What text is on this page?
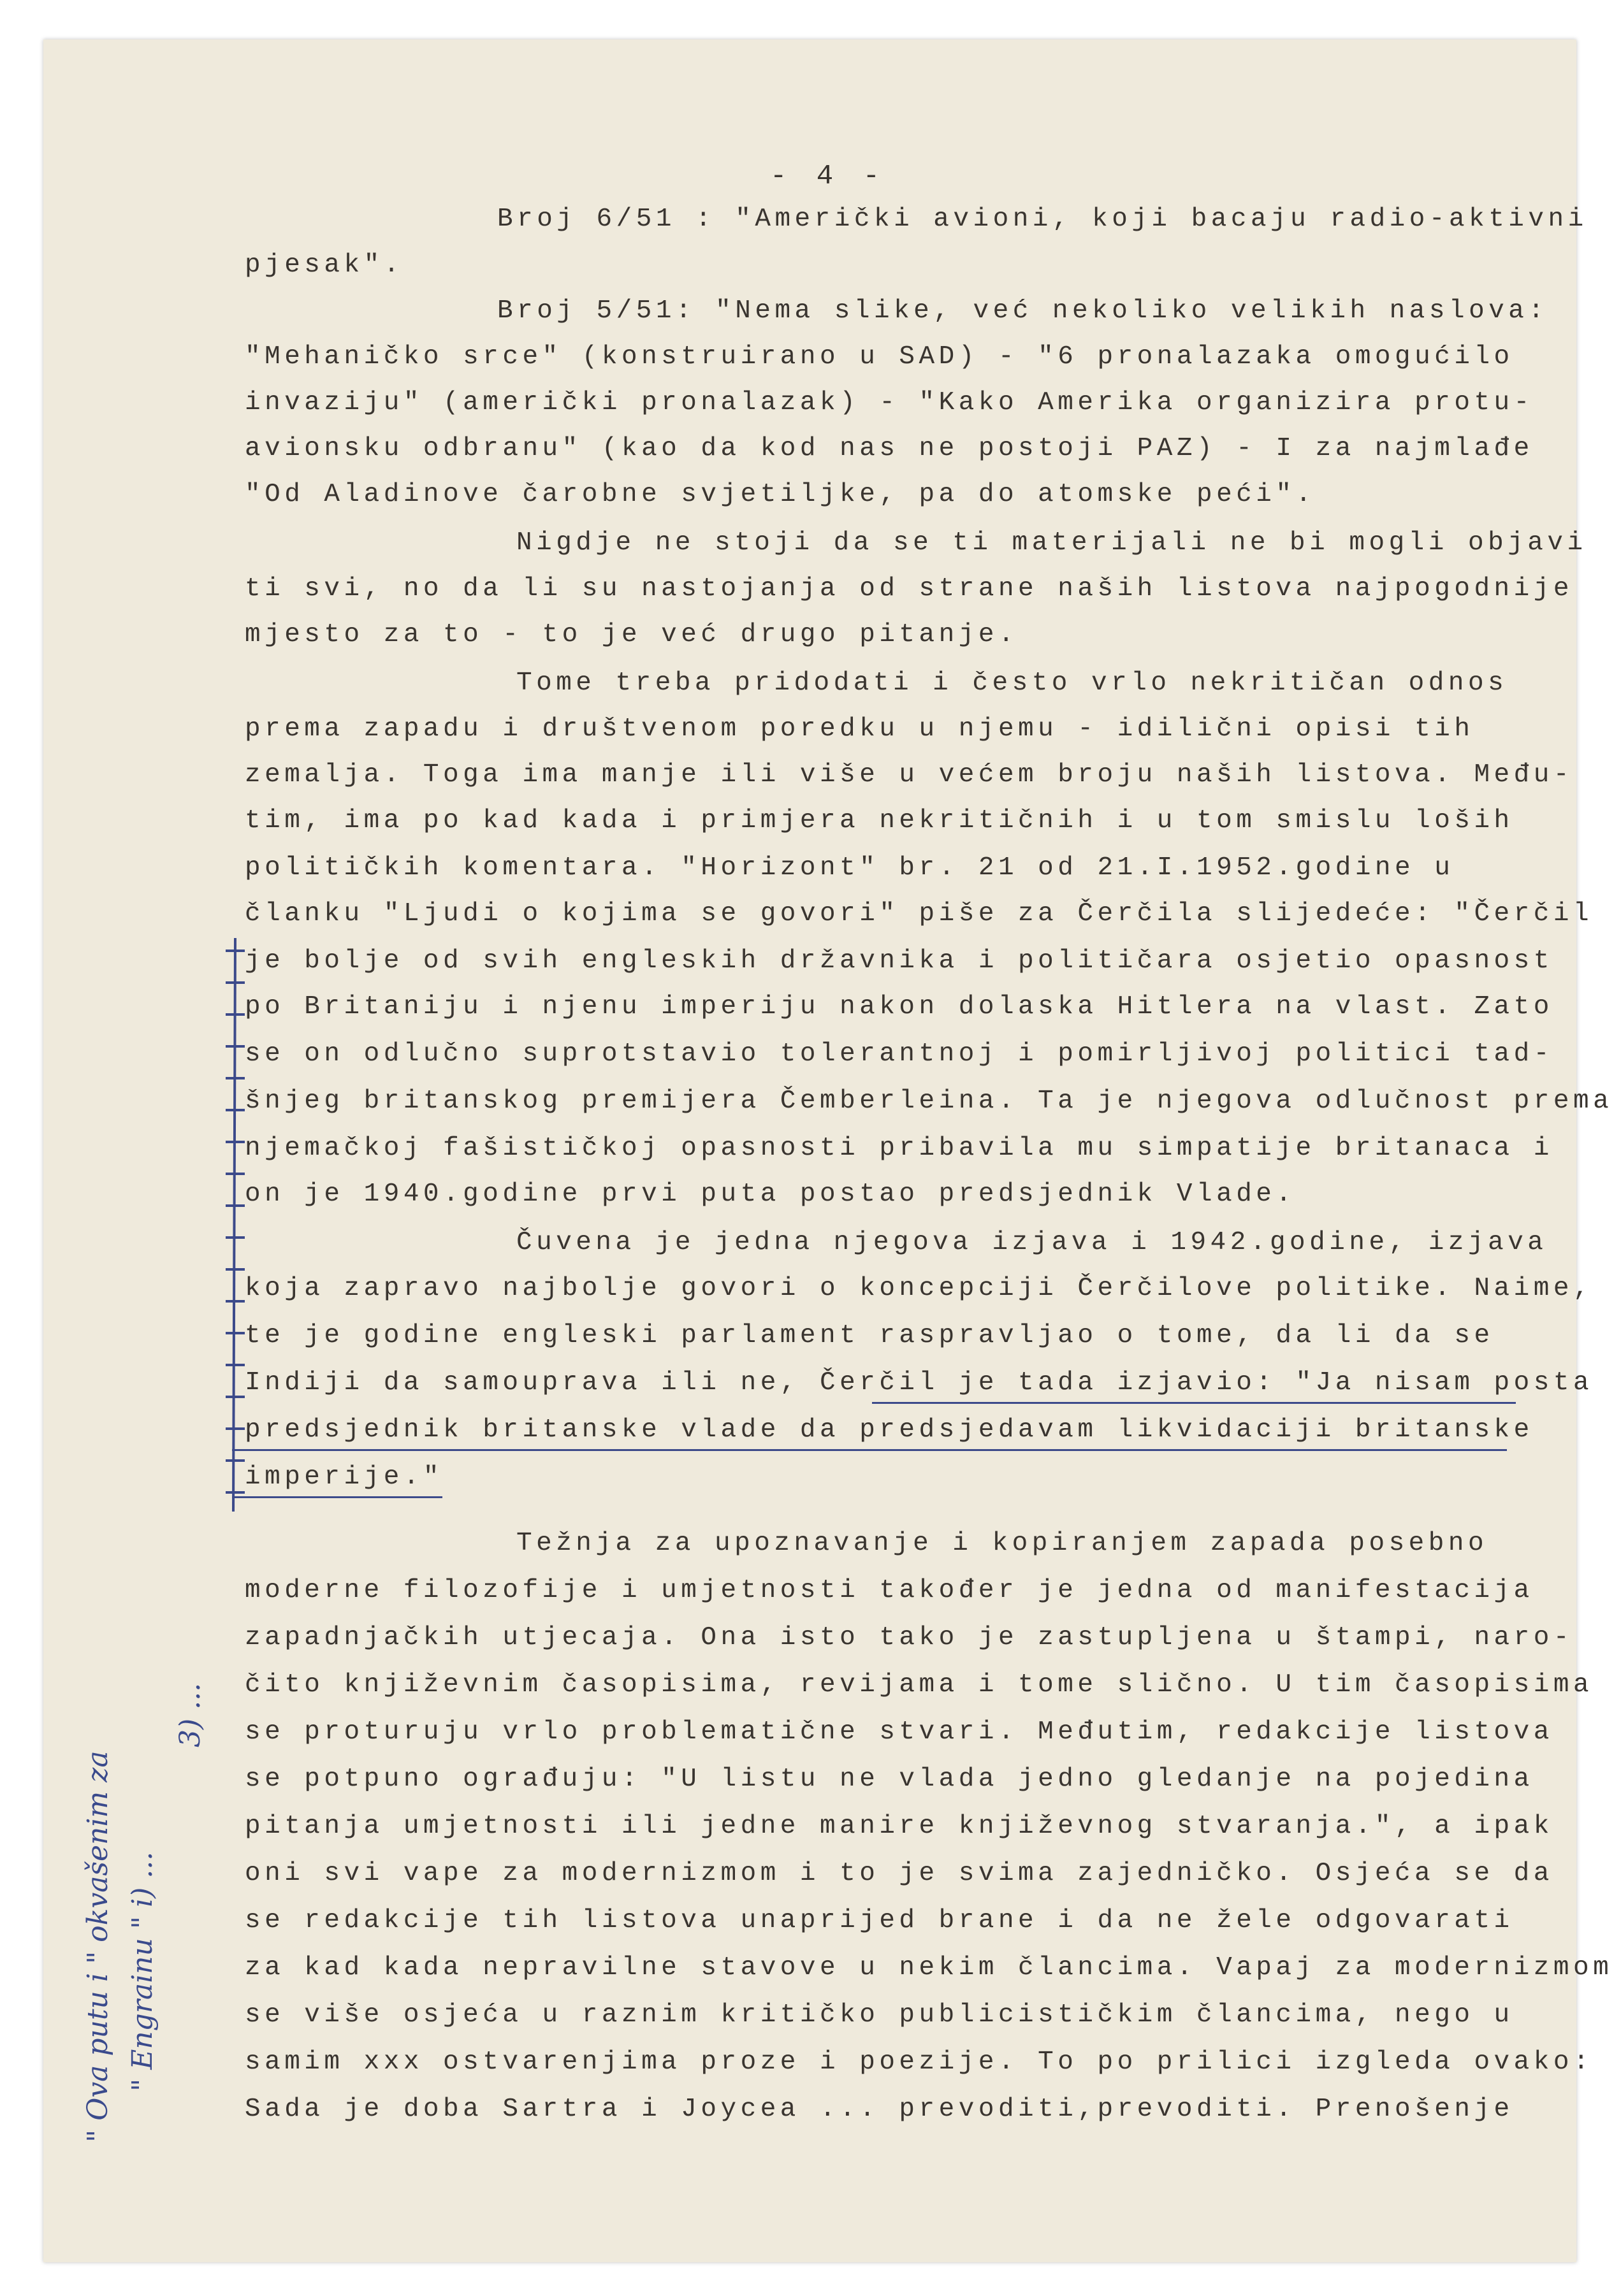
- 4 -
Broj 6/51 : "Američki avioni, koji bacaju radio-aktivni
pjesak".
Broj 5/51: "Nema slike, već nekoliko velikih naslova:
"Mehaničko srce" (konstruirano u SAD) - "6 pronalazaka omogućilo
invaziju" (američki pronalazak) - "Kako Amerika organizira protu-
avionsku odbranu" (kao da kod nas ne postoji PAZ) - I za najmlađe
"Od Aladinove čarobne svjetiljke, pa do atomske peći".
Nigdje ne stoji da se ti materijali ne bi mogli objavi
ti svi, no da li su nastojanja od strane naših listova najpogodnije
mjesto za to - to je već drugo pitanje.
Tome treba pridodati i često vrlo nekritičan odnos
prema zapadu i društvenom poredku u njemu - idilični opisi tih
zemalja. Toga ima manje ili više u većem broju naših listova. Među-
tim, ima po kad kada i primjera nekritičnih i u tom smislu loših
političkih komentara. "Horizont" br. 21 od 21.I.1952.godine u
članku "Ljudi o kojima se govori" piše za Čerčila slijedeće: "Čerčil
je bolje od svih engleskih državnika i političara osjetio opasnost
po Britaniju i njenu imperiju nakon dolaska Hitlera na vlast. Zato
se on odlučno suprotstavio tolerantnoj i pomirljivoj politici tad-
šnjeg britanskog premijera Čemberleina. Ta je njegova odlučnost prema
njemačkoj fašističkoj opasnosti pribavila mu simpatije britanaca i
on je 1940.godine prvi puta postao predsjednik Vlade.
Čuvena je jedna njegova izjava i 1942.godine, izjava
koja zapravo najbolje govori o koncepciji Čerčilove politike. Naime,
te je godine engleski parlament raspravljao o tome, da li da se
Indiji da samouprava ili ne, Čerčil je tada izjavio: "Ja nisam posta
predsjednik britanske vlade da predsjedavam likvidaciji britanske
imperije."
Težnja za upoznavanje i kopiranjem zapada posebno
moderne filozofije i umjetnosti također je jedna od manifestacija
zapadnjačkih utjecaja. Ona isto tako je zastupljena u štampi, naro-
čito književnim časopisima, revijama i tome slično. U tim časopisima
se proturuju vrlo problematične stvari. Međutim, redakcije listova
se potpuno ograđuju: "U listu ne vlada jedno gledanje na pojedina
pitanja umjetnosti ili jedne manire književnog stvaranja.", a ipak
oni svi vape za modernizmom i to je svima zajedničko. Osjeća se da
se redakcije tih listova unaprijed brane i da ne žele odgovarati
za kad kada nepravilne stavove u nekim člancima. Vapaj za modernizmom
se više osjeća u raznim kritičko publicističkim člancima, nego u
samim xxx ostvarenjima proze i poezije. To po prilici izgleda ovako:
Sada je doba Sartra i Joycea ... prevoditi,prevoditi. Prenošenje
" Ova putu i " okvašenim za " Engrainu " i) ...
3) ...
